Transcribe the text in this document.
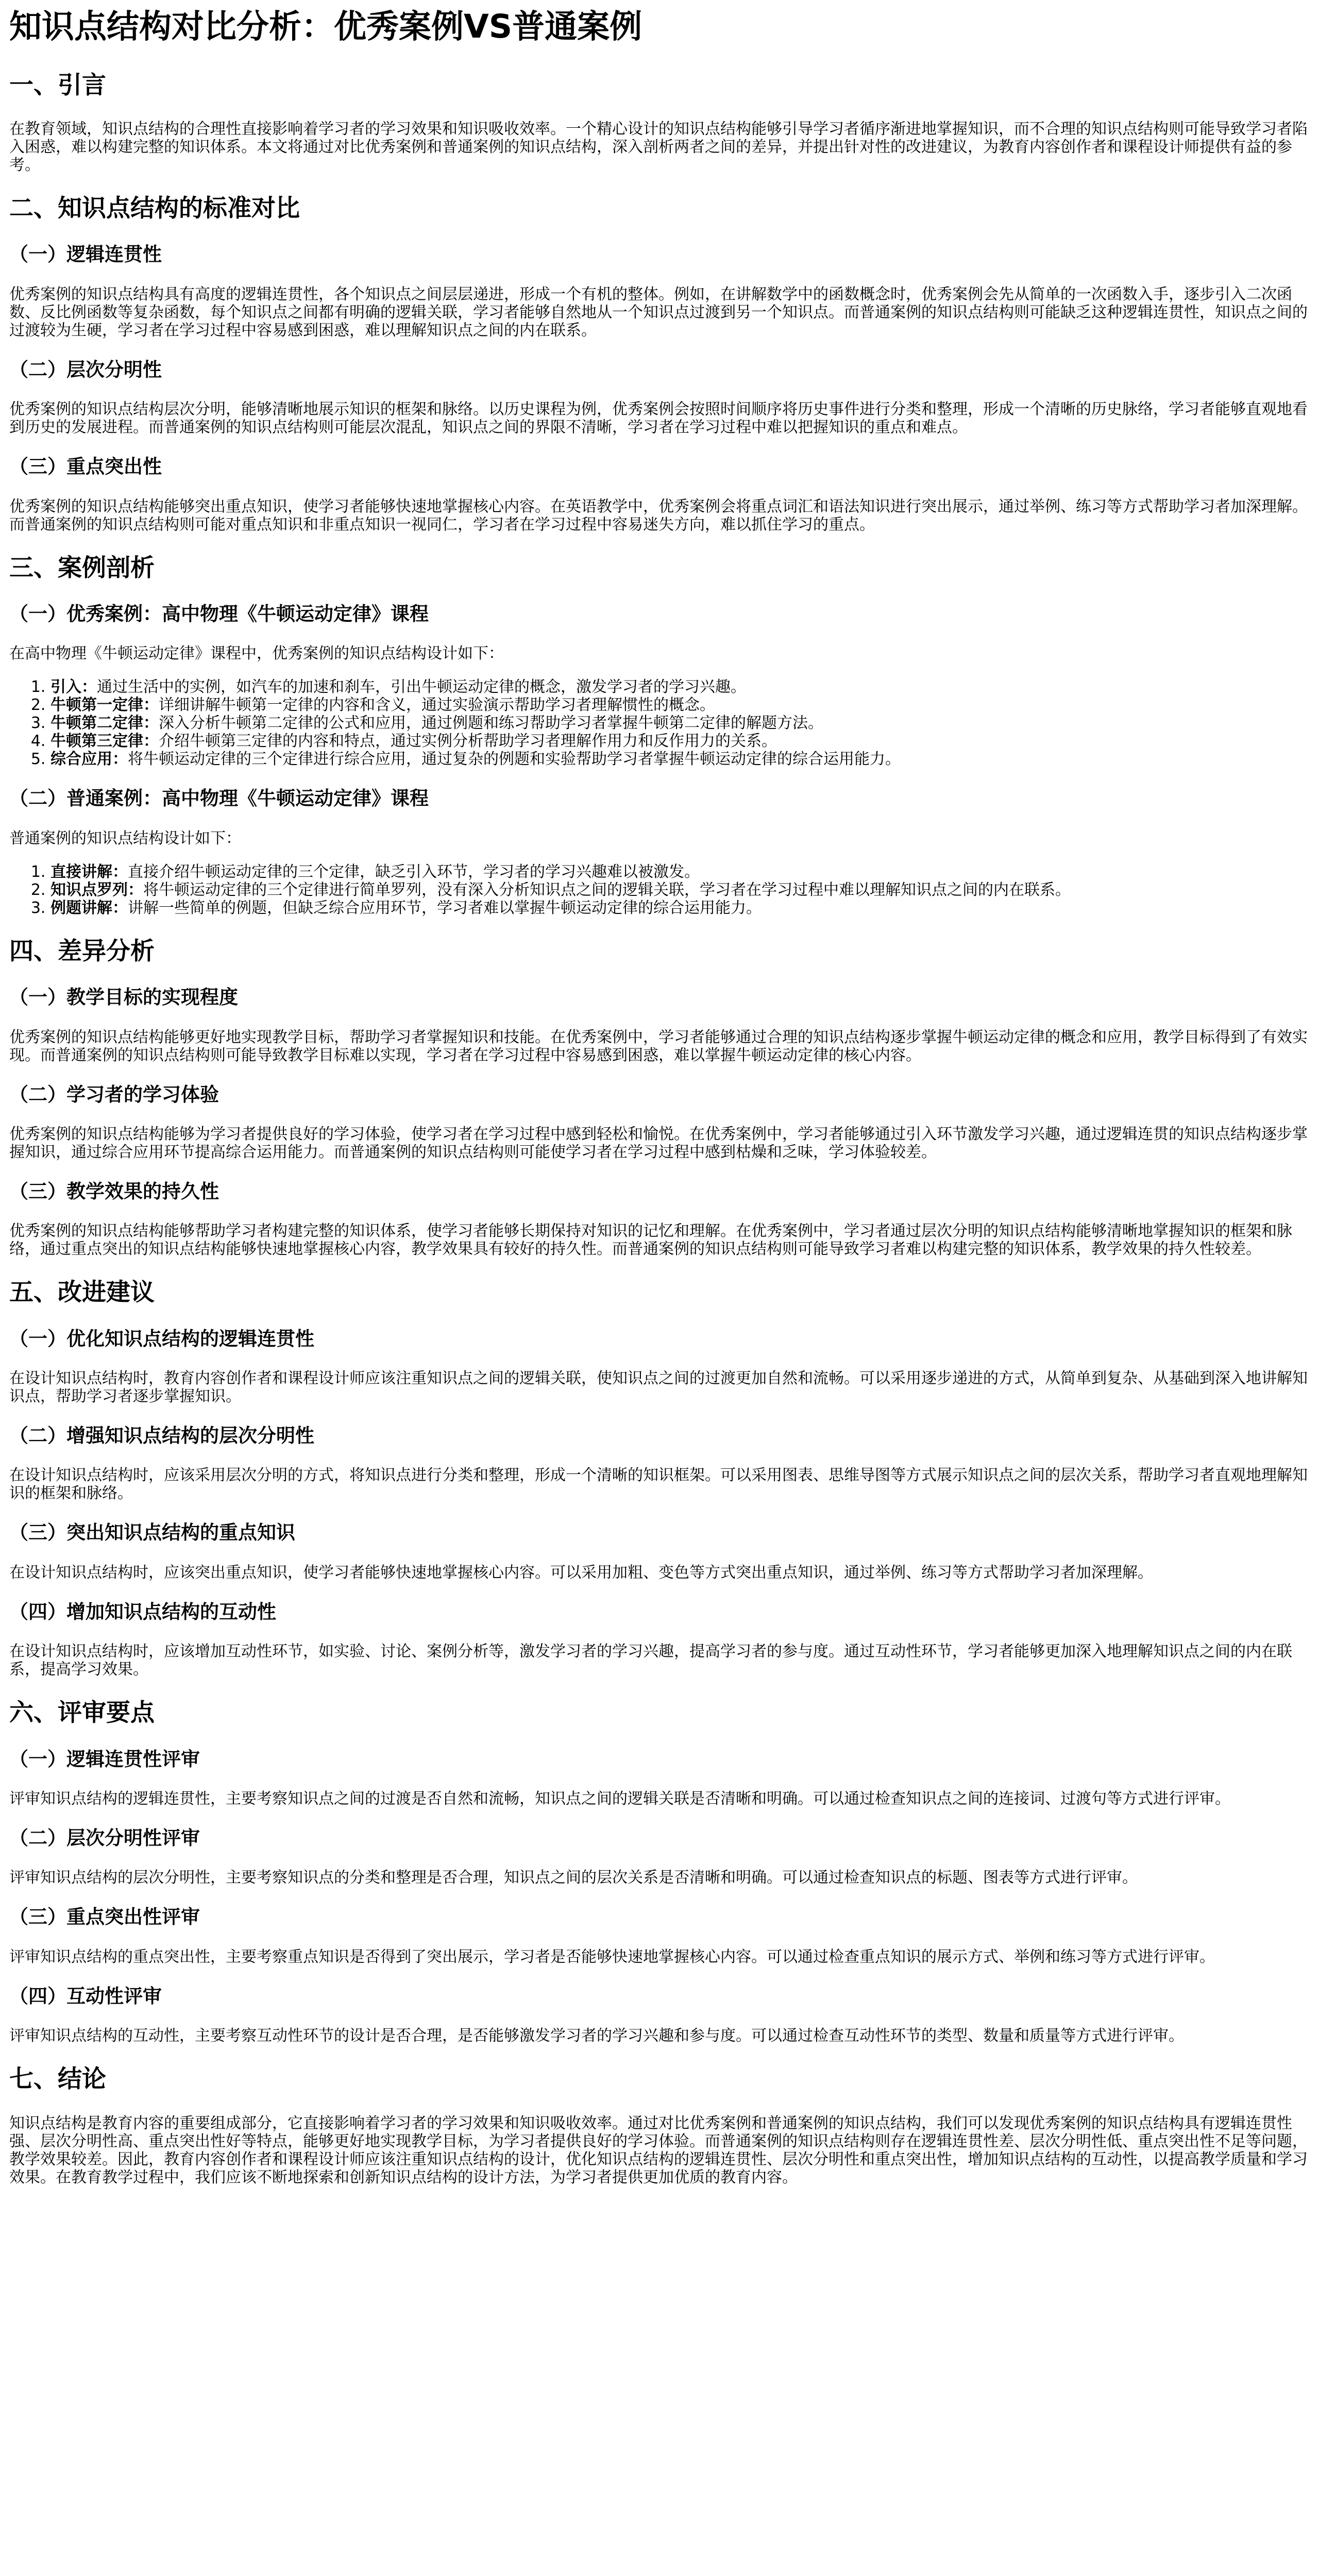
知识点结构对比分析：优秀案例VS普通案例
一、引言

在教育领域，知识点结构的合理性直接影响着学习者的学习效果和知识吸收效率。一个精心设计的知识点结构能够引导学习者循序渐进地掌握知识，而不合理的知识点结构则可能导致学习者陷入困惑，难以构建完整的知识体系。本文将通过对比优秀案例和普通案例的知识点结构，深入剖析两者之间的差异，并提出针对性的改进建议，为教育内容创作者和课程设计师提供有益的参考。

二、知识点结构的标准对比
（一）逻辑连贯性

优秀案例的知识点结构具有高度的逻辑连贯性，各个知识点之间层层递进，形成一个有机的整体。例如，在讲解数学中的函数概念时，优秀案例会先从简单的一次函数入手，逐步引入二次函数、反比例函数等复杂函数，每个知识点之间都有明确的逻辑关联，学习者能够自然地从一个知识点过渡到另一个知识点。而普通案例的知识点结构则可能缺乏这种逻辑连贯性，知识点之间的过渡较为生硬，学习者在学习过程中容易感到困惑，难以理解知识点之间的内在联系。

（二）层次分明性

优秀案例的知识点结构层次分明，能够清晰地展示知识的框架和脉络。以历史课程为例，优秀案例会按照时间顺序将历史事件进行分类和整理，形成一个清晰的历史脉络，学习者能够直观地看到历史的发展进程。而普通案例的知识点结构则可能层次混乱，知识点之间的界限不清晰，学习者在学习过程中难以把握知识的重点和难点。

（三）重点突出性

优秀案例的知识点结构能够突出重点知识，使学习者能够快速地掌握核心内容。在英语教学中，优秀案例会将重点词汇和语法知识进行突出展示，通过举例、练习等方式帮助学习者加深理解。而普通案例的知识点结构则可能对重点知识和非重点知识一视同仁，学习者在学习过程中容易迷失方向，难以抓住学习的重点。

三、案例剖析
（一）优秀案例：高中物理《牛顿运动定律》课程

在高中物理《牛顿运动定律》课程中，优秀案例的知识点结构设计如下：

1. 引入：通过生活中的实例，如汽车的加速和刹车，引出牛顿运动定律的概念，激发学习者的学习兴趣。
2. 牛顿第一定律：详细讲解牛顿第一定律的内容和含义，通过实验演示帮助学习者理解惯性的概念。
3. 牛顿第二定律：深入分析牛顿第二定律的公式和应用，通过例题和练习帮助学习者掌握牛顿第二定律的解题方法。
4. 牛顿第三定律：介绍牛顿第三定律的内容和特点，通过实例分析帮助学习者理解作用力和反作用力的关系。
5. 综合应用：将牛顿运动定律的三个定律进行综合应用，通过复杂的例题和实验帮助学习者掌握牛顿运动定律的综合运用能力。
（二）普通案例：高中物理《牛顿运动定律》课程

普通案例的知识点结构设计如下：

1. 直接讲解：直接介绍牛顿运动定律的三个定律，缺乏引入环节，学习者的学习兴趣难以被激发。
2. 知识点罗列：将牛顿运动定律的三个定律进行简单罗列，没有深入分析知识点之间的逻辑关联，学习者在学习过程中难以理解知识点之间的内在联系。
3. 例题讲解：讲解一些简单的例题，但缺乏综合应用环节，学习者难以掌握牛顿运动定律的综合运用能力。
四、差异分析
（一）教学目标的实现程度

优秀案例的知识点结构能够更好地实现教学目标，帮助学习者掌握知识和技能。在优秀案例中，学习者能够通过合理的知识点结构逐步掌握牛顿运动定律的概念和应用，教学目标得到了有效实现。而普通案例的知识点结构则可能导致教学目标难以实现，学习者在学习过程中容易感到困惑，难以掌握牛顿运动定律的核心内容。

（二）学习者的学习体验

优秀案例的知识点结构能够为学习者提供良好的学习体验，使学习者在学习过程中感到轻松和愉悦。在优秀案例中，学习者能够通过引入环节激发学习兴趣，通过逻辑连贯的知识点结构逐步掌握知识，通过综合应用环节提高综合运用能力。而普通案例的知识点结构则可能使学习者在学习过程中感到枯燥和乏味，学习体验较差。

（三）教学效果的持久性

优秀案例的知识点结构能够帮助学习者构建完整的知识体系，使学习者能够长期保持对知识的记忆和理解。在优秀案例中，学习者通过层次分明的知识点结构能够清晰地掌握知识的框架和脉络，通过重点突出的知识点结构能够快速地掌握核心内容，教学效果具有较好的持久性。而普通案例的知识点结构则可能导致学习者难以构建完整的知识体系，教学效果的持久性较差。

五、改进建议
（一）优化知识点结构的逻辑连贯性

在设计知识点结构时，教育内容创作者和课程设计师应该注重知识点之间的逻辑关联，使知识点之间的过渡更加自然和流畅。可以采用逐步递进的方式，从简单到复杂、从基础到深入地讲解知识点，帮助学习者逐步掌握知识。

（二）增强知识点结构的层次分明性

在设计知识点结构时，应该采用层次分明的方式，将知识点进行分类和整理，形成一个清晰的知识框架。可以采用图表、思维导图等方式展示知识点之间的层次关系，帮助学习者直观地理解知识的框架和脉络。

（三）突出知识点结构的重点知识

在设计知识点结构时，应该突出重点知识，使学习者能够快速地掌握核心内容。可以采用加粗、变色等方式突出重点知识，通过举例、练习等方式帮助学习者加深理解。

（四）增加知识点结构的互动性

在设计知识点结构时，应该增加互动性环节，如实验、讨论、案例分析等，激发学习者的学习兴趣，提高学习者的参与度。通过互动性环节，学习者能够更加深入地理解知识点之间的内在联系，提高学习效果。

六、评审要点
（一）逻辑连贯性评审

评审知识点结构的逻辑连贯性，主要考察知识点之间的过渡是否自然和流畅，知识点之间的逻辑关联是否清晰和明确。可以通过检查知识点之间的连接词、过渡句等方式进行评审。

（二）层次分明性评审

评审知识点结构的层次分明性，主要考察知识点的分类和整理是否合理，知识点之间的层次关系是否清晰和明确。可以通过检查知识点的标题、图表等方式进行评审。

（三）重点突出性评审

评审知识点结构的重点突出性，主要考察重点知识是否得到了突出展示，学习者是否能够快速地掌握核心内容。可以通过检查重点知识的展示方式、举例和练习等方式进行评审。

（四）互动性评审

评审知识点结构的互动性，主要考察互动性环节的设计是否合理，是否能够激发学习者的学习兴趣和参与度。可以通过检查互动性环节的类型、数量和质量等方式进行评审。

七、结论

知识点结构是教育内容的重要组成部分，它直接影响着学习者的学习效果和知识吸收效率。通过对比优秀案例和普通案例的知识点结构，我们可以发现优秀案例的知识点结构具有逻辑连贯性强、层次分明性高、重点突出性好等特点，能够更好地实现教学目标，为学习者提供良好的学习体验。而普通案例的知识点结构则存在逻辑连贯性差、层次分明性低、重点突出性不足等问题，教学效果较差。因此，教育内容创作者和课程设计师应该注重知识点结构的设计，优化知识点结构的逻辑连贯性、层次分明性和重点突出性，增加知识点结构的互动性，以提高教学质量和学习效果。在教育教学过程中，我们应该不断地探索和创新知识点结构的设计方法，为学习者提供更加优质的教育内容。
